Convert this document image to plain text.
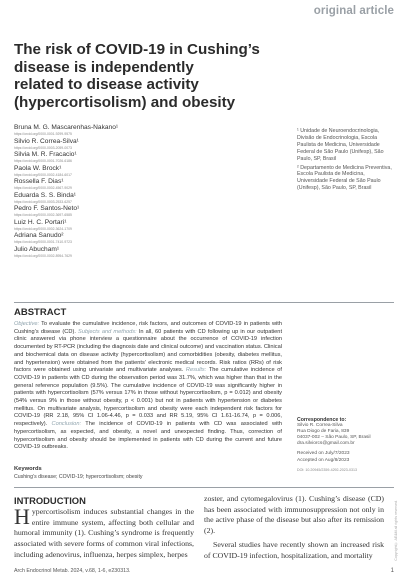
original article
The risk of COVID-19 in Cushing’s
disease is independently
related to disease activity
(hypercortisolism) and obesity
Bruna M. G. Mascarenhas-Nakano¹
https://orcid.org/0000-0001-9299-9575
Silvio R. Correa-Silva¹
https://orcid.org/0000-0003-2059-0073
Silvia M. R. Fracacio¹
https://orcid.org/0000-0001-7026-6186
Paola W. Brock¹
https://orcid.org/0000-0002-4184-6017
Rossella F. Dias¹
https://orcid.org/0000-0002-4567-9029
Eduarda S. S. Binda¹
https://orcid.org/0000-0003-2533-6257
Pedro F. Santos-Neto¹
https://orcid.org/0000-0002-3697-6585
Luiz H. C. Portari¹
https://orcid.org/0000-0002-3624-1709
Adriana Sanudo²
https://orcid.org/0000-0001-7410-9723
Julio Abucham¹
https://orcid.org/0000-0002-8954-7629

¹ Unidade de Neuroendocrinologia, Divisão de Endocrinologia, Escola Paulista de Medicina, Universidade Federal de São Paulo (Unifesp), São Paulo, SP, Brasil

² Departamento de Medicina Preventiva, Escola Paulista de Medicina, Universidade Federal de São Paulo (Unifesp), São Paulo, SP, Brasil

ABSTRACT

Objective: To evaluate the cumulative incidence, risk factors, and outcomes of COVID-19 in patients with Cushing’s disease (CD). Subjects and methods: In all, 60 patients with CD following up in our outpatient clinic answered via phone interview a questionnaire about the occurrence of COVID-19 infection documented by RT-PCR (including the diagnosis date and clinical outcome) and vaccination status. Clinical and biochemical data on disease activity (hypercortisolism) and comorbidities (obesity, diabetes mellitus, and hypertension) were obtained from the patients’ electronic medical records. Risk ratios (RRs) of risk factors were obtained using univariate and multivariate analyses. Results: The cumulative incidence of COVID-19 in patients with CD during the observation period was 31.7%, which was higher than that in the general reference population (9.5%). The cumulative incidence of COVID-19 was significantly higher in patients with hypercortisolism (57% versus 17% in those without hypercortisolism, p = 0.012) and obesity (54% versus 9% in those without obesity, p < 0.001) but not in patients with hypertension or diabetes mellitus. On multivariate analysis, hypercortisolism and obesity were each independent risk factors for COVID-19 (RR 2.18, 95% CI 1.06-4.46, p = 0.033 and RR 5.19, 95% CI 1.61-16.74, p = 0.006, respectively). Conclusion: The incidence of COVID-19 in patients with CD was associated with hypercortisolism, as expected, and obesity, a novel and unexpected finding. Thus, correction of hypercortisolism and obesity should be implemented in patients with CD during the current and future COVID-19 outbreaks.

Keywords
Cushing’s disease; COVID-19; hypercortisolism; obesity
Correspondence to:
Silvio R. Correa-Silva
Rua Diogo de Faria, 839
04037-002 – São Paulo, SP, Brasil
dra.silviorcs@gmail.com.br
Received on July/7/2023
Accepted on Aug/8/2023
DOI: 10.20945/2359-4292-2023-0313
INTRODUCTION

Hypercortisolism induces substantial changes in the entire immune system, affecting both cellular and humoral immunity (1). Cushing’s syndrome is frequently associated with severe forms of common viral infections, including adenovirus, influenza, herpes simplex, herpes

zoster, and cytomegalovirus (1). Cushing’s disease (CD) has been associated with immunosuppression not only in the active phase of the disease but also after its remission (2).
Several studies have recently shown an increased risk of COVID-19 infection, hospitalization, and mortality	Copyright© AE&M all rights reserved.
Arch Endocrinol Metab. 2024, v.68, 1-6, e230313.	1
